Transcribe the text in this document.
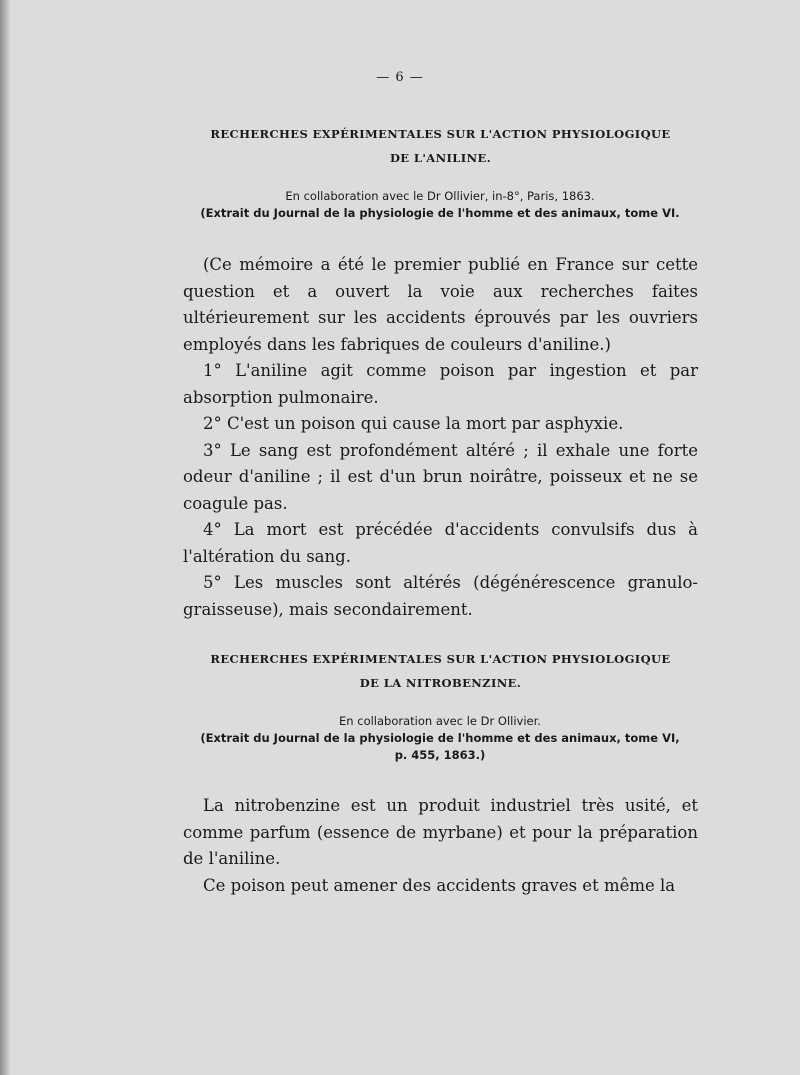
— 6 —
RECHERCHES EXPÉRIMENTALES SUR L'ACTION PHYSIOLOGIQUE
DE L'ANILINE.
En collaboration avec le Dr Ollivier, in-8°, Paris, 1863.
(Extrait du Journal de la physiologie de l'homme et des animaux, tome VI.

(Ce mémoire a été le premier publié en France sur cette question et a ouvert la voie aux recherches faites ultérieurement sur les accidents éprouvés par les ouvriers employés dans les fabriques de couleurs d'aniline.)

1° L'aniline agit comme poison par ingestion et par absorption pulmonaire.

2° C'est un poison qui cause la mort par asphyxie.

3° Le sang est profondément altéré ; il exhale une forte odeur d'aniline ; il est d'un brun noirâtre, poisseux et ne se coagule pas.

4° La mort est précédée d'accidents convulsifs dus à l'altération du sang.

5° Les muscles sont altérés (dégénérescence granulo-graisseuse), mais secondairement.

RECHERCHES EXPÉRIMENTALES SUR L'ACTION PHYSIOLOGIQUE
DE LA NITROBENZINE.
En collaboration avec le Dr Ollivier.
(Extrait du Journal de la physiologie de l'homme et des animaux, tome VI,
p. 455, 1863.)

La nitrobenzine est un produit industriel très usité, et comme parfum (essence de myrbane) et pour la préparation de l'aniline.

Ce poison peut amener des accidents graves et même la
